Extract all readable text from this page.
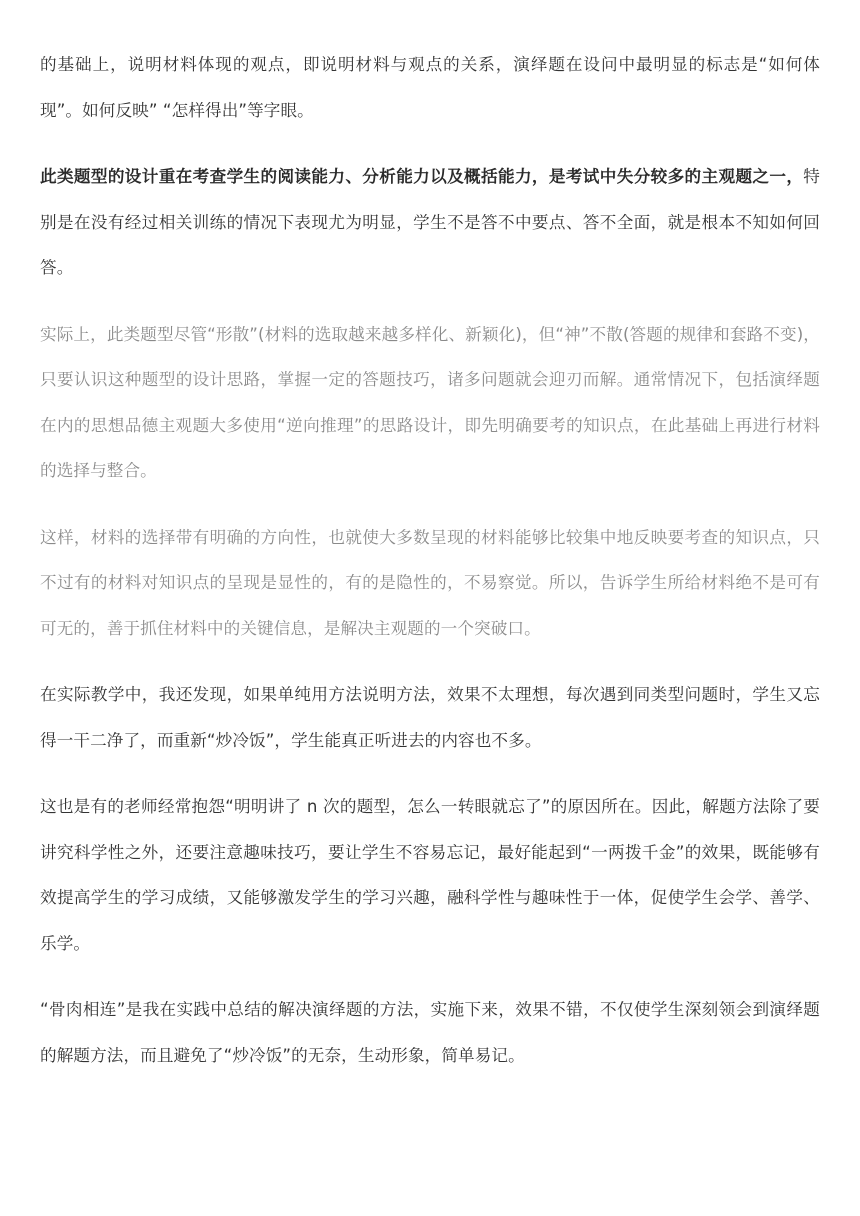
的基础上，说明材料体现的观点，即说明材料与观点的关系，演绎题在设问中最明显的标志是“如何体现”。如何反映” “怎样得出”等字眼。

此类题型的设计重在考查学生的阅读能力、分析能力以及概括能力，是考试中失分较多的主观题之一，特别是在没有经过相关训练的情况下表现尤为明显，学生不是答不中要点、答不全面，就是根本不知如何回答。

实际上，此类题型尽管“形散”(材料的选取越来越多样化、新颖化)，但“神”不散(答题的规律和套路不变)，只要认识这种题型的设计思路，掌握一定的答题技巧，诸多问题就会迎刃而解。通常情况下，包括演绎题在内的思想品德主观题大多使用“逆向推理”的思路设计，即先明确要考的知识点，在此基础上再进行材料的选择与整合。

这样，材料的选择带有明确的方向性，也就使大多数呈现的材料能够比较集中地反映要考查的知识点，只不过有的材料对知识点的呈现是显性的，有的是隐性的，不易察觉。所以，告诉学生所给材料绝不是可有可无的，善于抓住材料中的关键信息，是解决主观题的一个突破口。

在实际教学中，我还发现，如果单纯用方法说明方法，效果不太理想，每次遇到同类型问题时，学生又忘得一干二净了，而重新“炒冷饭”，学生能真正听进去的内容也不多。

这也是有的老师经常抱怨“明明讲了 n 次的题型，怎么一转眼就忘了”的原因所在。因此，解题方法除了要讲究科学性之外，还要注意趣味技巧，要让学生不容易忘记，最好能起到“一两拨千金”的效果，既能够有效提高学生的学习成绩，又能够激发学生的学习兴趣，融科学性与趣味性于一体，促使学生会学、善学、乐学。

“骨肉相连”是我在实践中总结的解决演绎题的方法，实施下来，效果不错，不仅使学生深刻领会到演绎题的解题方法，而且避免了“炒冷饭”的无奈，生动形象，简单易记。
